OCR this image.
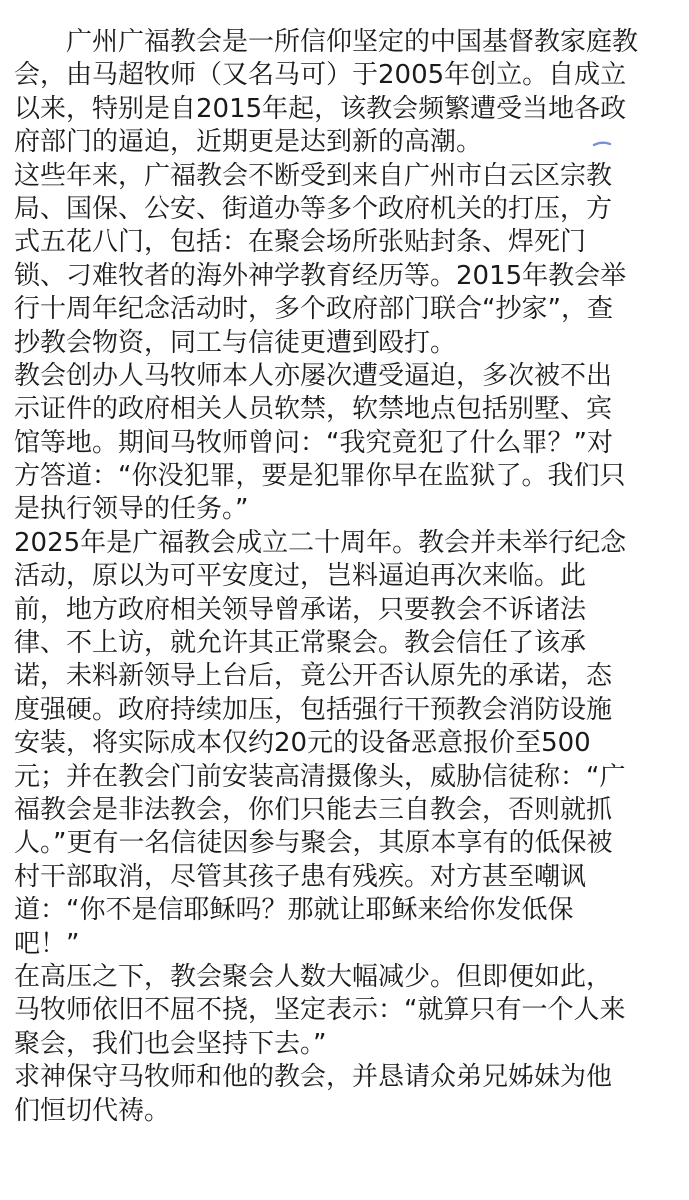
广州广福教会是一所信仰坚定的中国基督教家庭教
会，由马超牧师（又名马可）于2005年创立。自成立
以来，特别是自2015年起，该教会频繁遭受当地各政
府部门的逼迫，近期更是达到新的高潮。

这些年来，广福教会不断受到来自广州市白云区宗教
局、国保、公安、街道办等多个政府机关的打压，方
式五花八门，包括：在聚会场所张贴封条、焊死门
锁、刁难牧者的海外神学教育经历等。2015年教会举
行十周年纪念活动时，多个政府部门联合“抄家”，查
抄教会物资，同工与信徒更遭到殴打。

教会创办人马牧师本人亦屡次遭受逼迫，多次被不出
示证件的政府相关人员软禁，软禁地点包括别墅、宾
馆等地。期间马牧师曾问：“我究竟犯了什么罪？”对
方答道：“你没犯罪，要是犯罪你早在监狱了。我们只
是执行领导的任务。”

2025年是广福教会成立二十周年。教会并未举行纪念
活动，原以为可平安度过，岂料逼迫再次来临。此
前，地方政府相关领导曾承诺，只要教会不诉诸法
律、不上访，就允许其正常聚会。教会信任了该承
诺，未料新领导上台后，竟公开否认原先的承诺，态
度强硬。政府持续加压，包括强行干预教会消防设施
安装，将实际成本仅约20元的设备恶意报价至500
元；并在教会门前安装高清摄像头，威胁信徒称：“广
福教会是非法教会，你们只能去三自教会，否则就抓
人。”更有一名信徒因参与聚会，其原本享有的低保被
村干部取消，尽管其孩子患有残疾。对方甚至嘲讽
道：“你不是信耶稣吗？那就让耶稣来给你发低保
吧！”

在高压之下，教会聚会人数大幅减少。但即便如此，
马牧师依旧不屈不挠，坚定表示：“就算只有一个人来
聚会，我们也会坚持下去。”

求神保守马牧师和他的教会，并恳请众弟兄姊妹为他
们恒切代祷。
